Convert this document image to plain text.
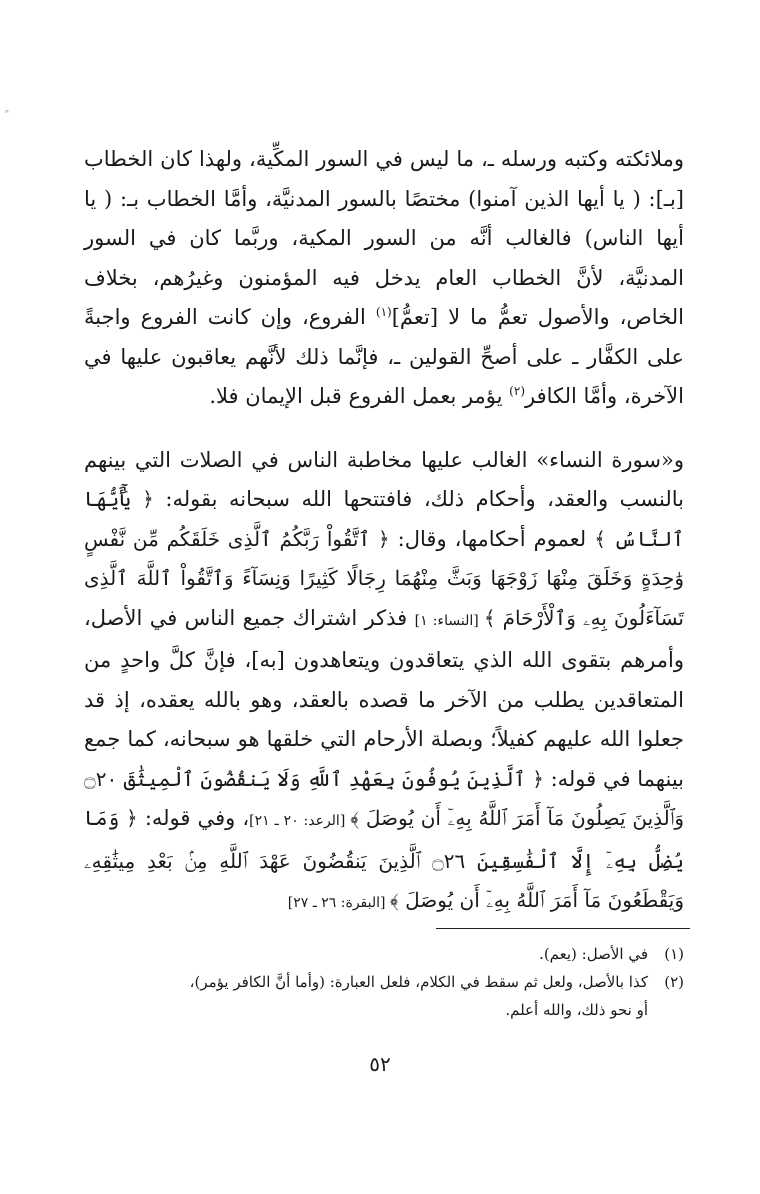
وملائكته وكتبه ورسله ـ، ما ليس في السور المكِّية، ولهذا كان الخطاب [بـ]: ( يا أيها الذين آمنوا) مختصًا بالسور المدنيَّة، وأمَّا الخطاب بـ: ( يا أيها الناس) فالغالب أنَّه من السور المكية، وربَّما كان في السور المدنيَّة، لأنَّ الخطاب العام يدخل فيه المؤمنون وغيرُهم، بخلاف الخاص، والأصول تعمُّ ما لا [تعمُّ]$^{(١)}$ الفروع، وإن كانت الفروع واجبةً على الكفَّار ـ على أصحِّ القولين ـ، فإنَّما ذلك لأنَّهم يعاقبون عليها في الآخرة، وأمَّا الكافر$^{(٢)}$ يؤمر بعمل الفروع قبل الإيمان فلا.

و«سورة النساء» الغالب عليها مخاطبة الناس في الصلات التي بينهم بالنسب والعقد، وأحكام ذلك، فافتتحها الله سبحانه بقوله: ﴿ يَٰٓأَيُّهَا ٱلنَّاسُ ﴾ لعموم أحكامها، وقال: ﴿ ٱتَّقُواْ رَبَّكُمُ ٱلَّذِى خَلَقَكُم مِّن نَّفْسٍ وَٰحِدَةٍ وَخَلَقَ مِنْهَا زَوْجَهَا وَبَثَّ مِنْهُمَا رِجَالًا كَثِيرًا وَنِسَآءً وَٱتَّقُواْ ٱللَّهَ ٱلَّذِى تَسَآءَلُونَ بِهِۦ وَٱلْأَرْحَامَ ﴾ [النساء: ١] فذكر اشتراك جميع الناس في الأصل، وأمرهم بتقوى الله الذي يتعاقدون ويتعاهدون [به]، فإنَّ كلَّ واحدٍ من المتعاقدين يطلب من الآخر ما قصده بالعقد، وهو بالله يعقده، إذ قد جعلوا الله عليهم كفيلاً؛ وبصلة الأرحام التي خلقها هو سبحانه، كما جمع بينهما في قوله: ﴿ ٱلَّذِينَ يُوفُونَ بِعَهْدِ ٱللَّهِ وَلَا يَنقُضُونَ ٱلْمِيثَٰقَ ۝٢٠ وَٱلَّذِينَ يَصِلُونَ مَآ أَمَرَ ٱللَّهُ بِهِۦٓ أَن يُوصَلَ ﴾ [الرعد: ٢٠ ـ ٢١]، وفي قوله: ﴿ وَمَا يُضِلُّ بِهِۦٓ إِلَّا ٱلْفَٰسِقِينَ ۝٢٦ ٱلَّذِينَ يَنقُضُونَ عَهْدَ ٱللَّهِ مِنۢ بَعْدِ مِيثَٰقِهِۦ وَيَقْطَعُونَ مَآ أَمَرَ ٱللَّهُ بِهِۦٓ أَن يُوصَلَ ﴾ [البقرة: ٢٦ ـ ٢٧]

(١)في الأصل: (يعم).

(٢)كذا بالأصل، ولعل ثم سقط في الكلام، فلعل العبارة: (وأما أنَّ الكافر يؤمر)،

أو نحو ذلك، والله أعلم.

٥٢
